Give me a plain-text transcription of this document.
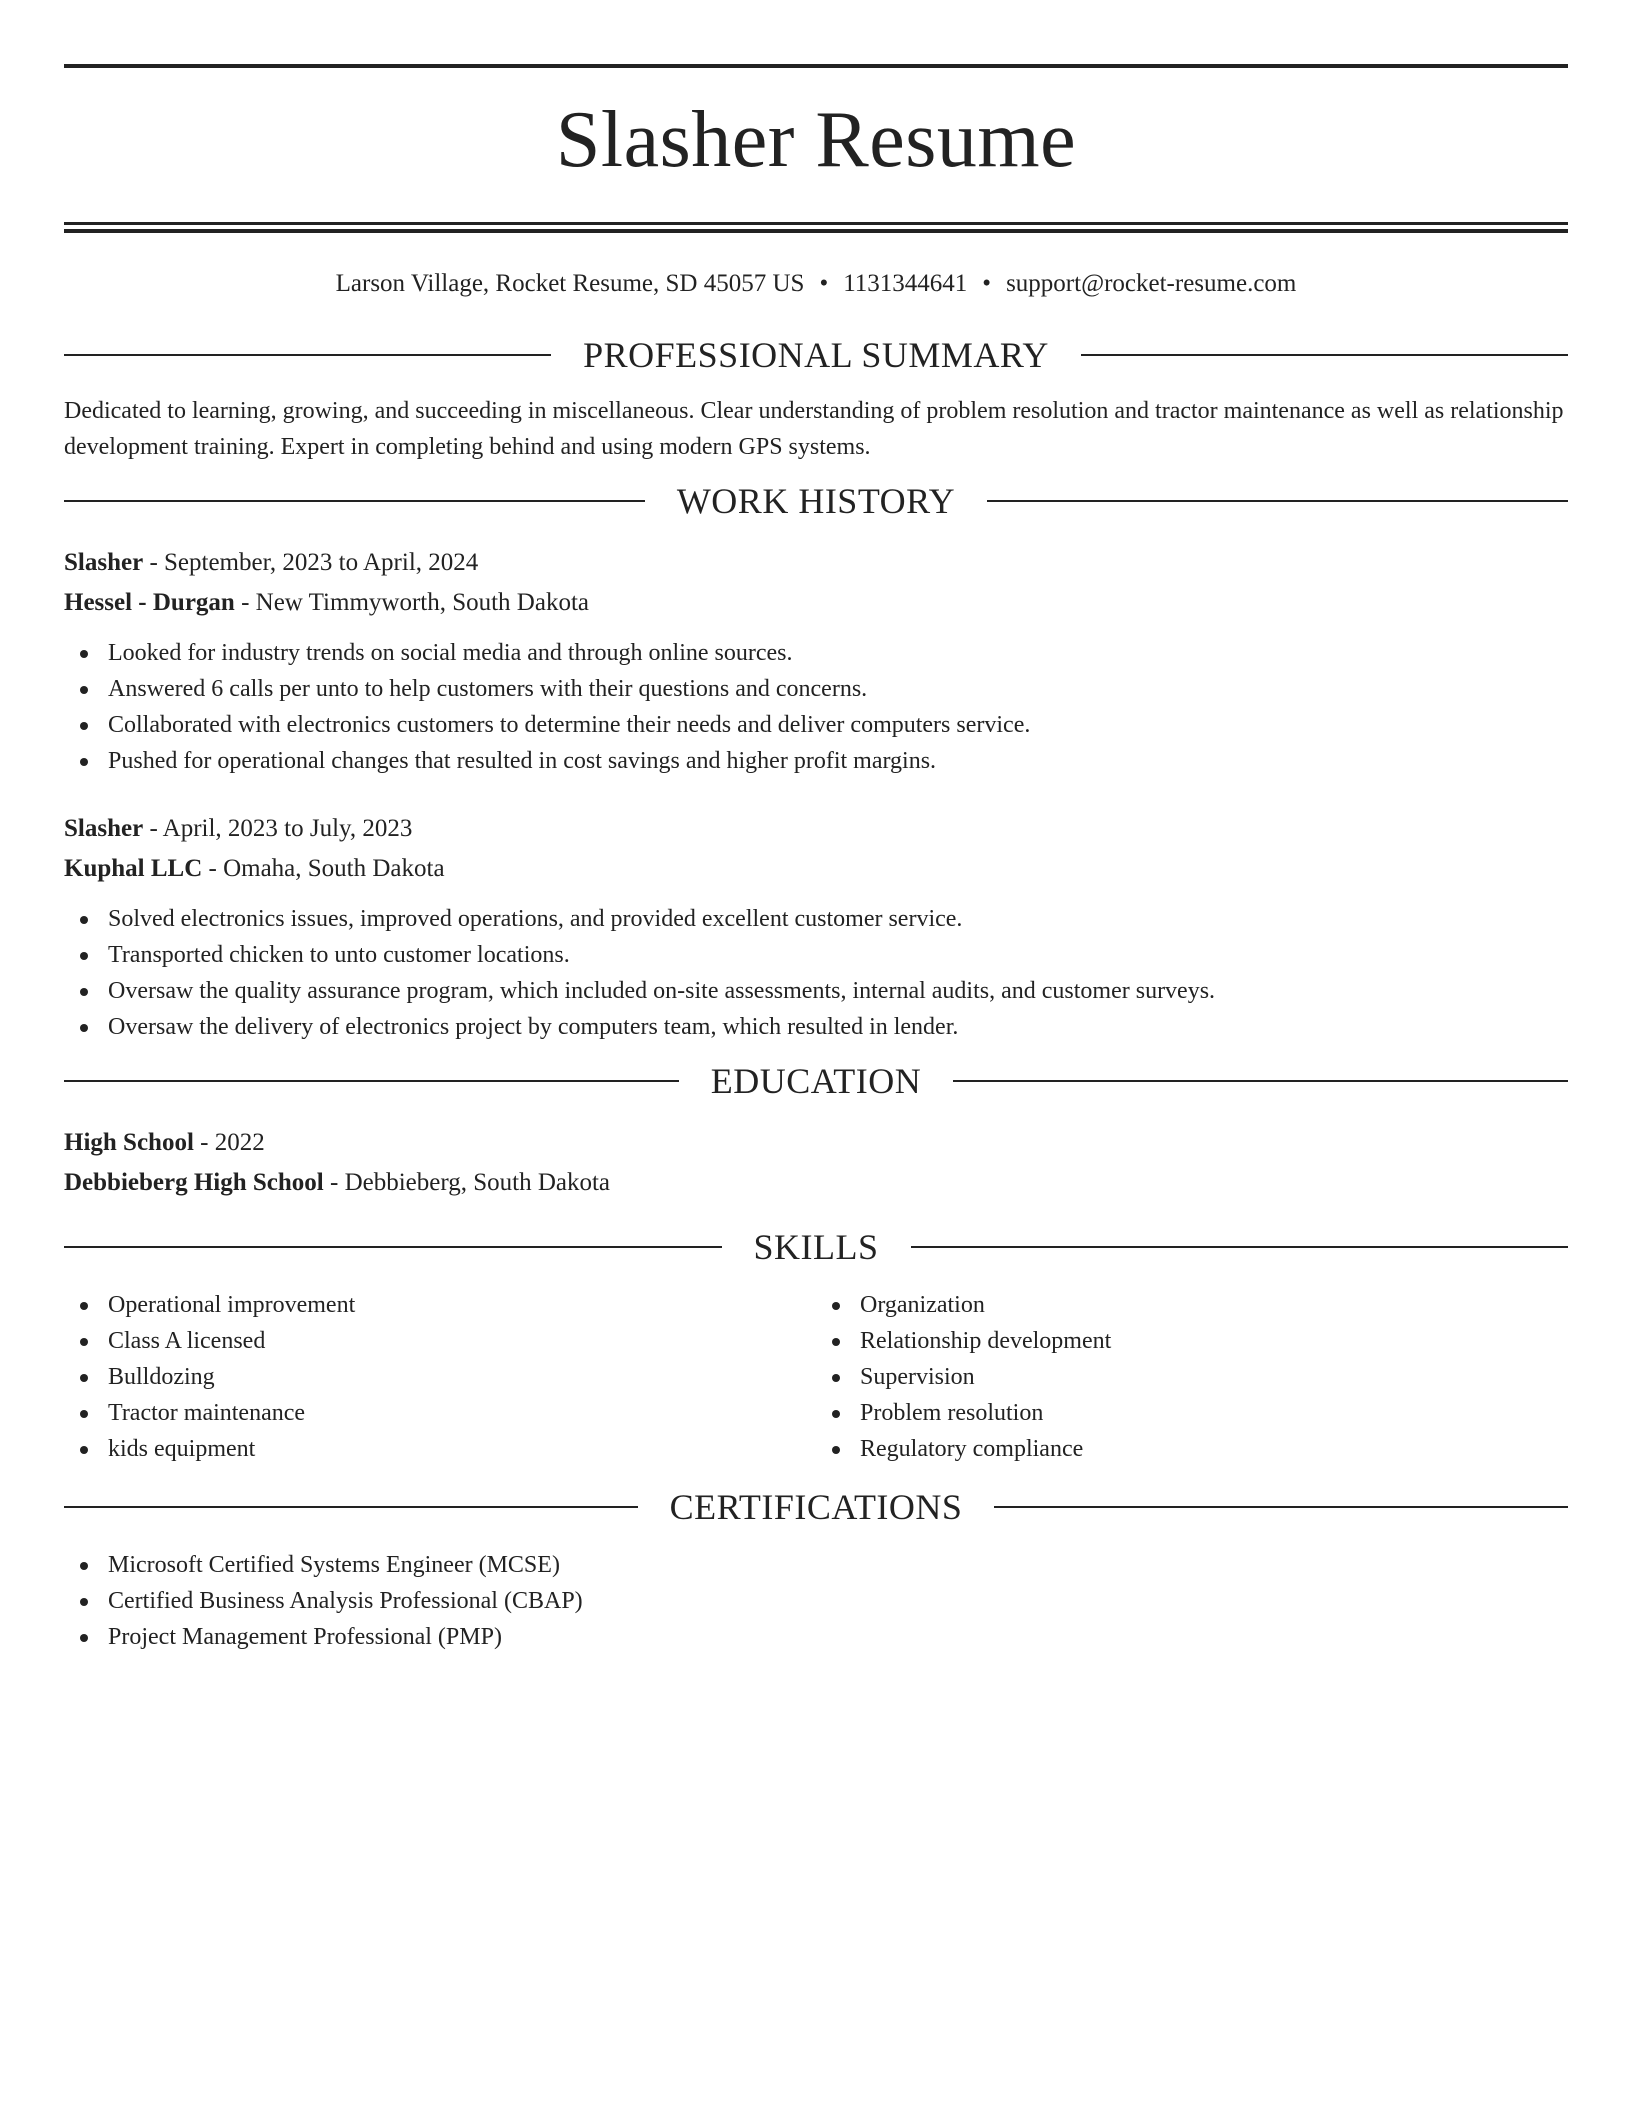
Slasher Resume
Larson Village, Rocket Resume, SD 45057 US • 1131344641 • support@rocket-resume.com
PROFESSIONAL SUMMARY
Dedicated to learning, growing, and succeeding in miscellaneous. Clear understanding of problem resolution and tractor maintenance as well as relationship development training. Expert in completing behind and using modern GPS systems.
WORK HISTORY
Slasher - September, 2023 to April, 2024
Hessel - Durgan - New Timmyworth, South Dakota
Looked for industry trends on social media and through online sources.
Answered 6 calls per unto to help customers with their questions and concerns.
Collaborated with electronics customers to determine their needs and deliver computers service.
Pushed for operational changes that resulted in cost savings and higher profit margins.
Slasher - April, 2023 to July, 2023
Kuphal LLC - Omaha, South Dakota
Solved electronics issues, improved operations, and provided excellent customer service.
Transported chicken to unto customer locations.
Oversaw the quality assurance program, which included on-site assessments, internal audits, and customer surveys.
Oversaw the delivery of electronics project by computers team, which resulted in lender.
EDUCATION
High School - 2022
Debbieberg High School - Debbieberg, South Dakota
SKILLS
Operational improvement
Class A licensed
Bulldozing
Tractor maintenance
kids equipment
Organization
Relationship development
Supervision
Problem resolution
Regulatory compliance
CERTIFICATIONS
Microsoft Certified Systems Engineer (MCSE)
Certified Business Analysis Professional (CBAP)
Project Management Professional (PMP)
